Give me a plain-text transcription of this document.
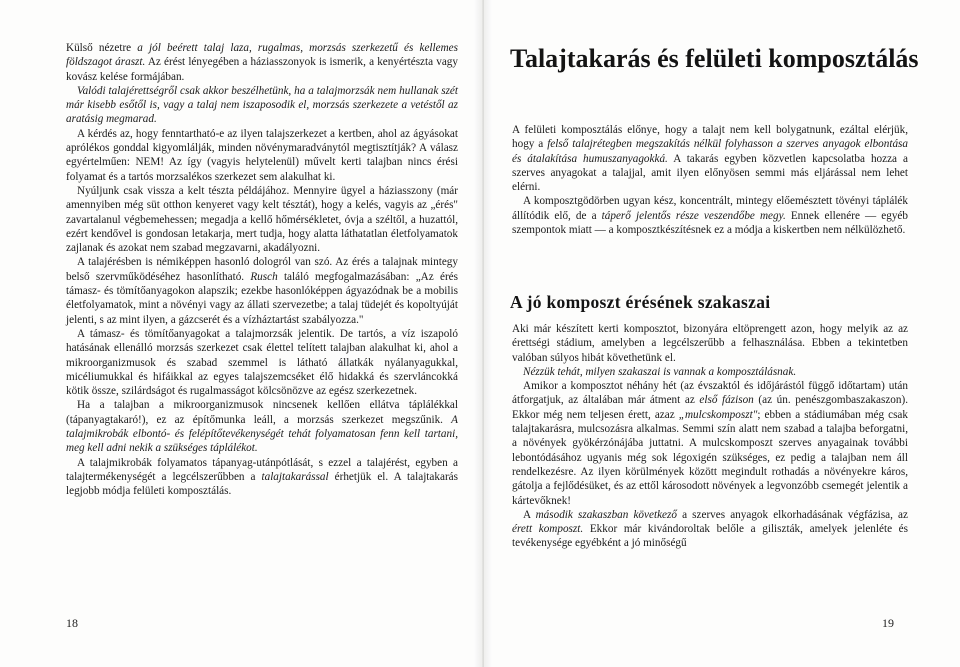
Külső nézetre a jól beérett talaj laza, rugalmas, morzsás szerkezetű és kellemes földszagot áraszt. Az érést lényegében a háziasszonyok is ismerik, a kenyértészta vagy kovász kelése formájában.

Valódi talajérettségről csak akkor beszélhetünk, ha a talajmorzsák nem hullanak szét már kisebb esőtől is, vagy a talaj nem iszaposodik el, morzsás szerkezete a vetéstől az aratásig megmarad.

A kérdés az, hogy fenntartható-e az ilyen talajszerkezet a kertben, ahol az ágyásokat aprólékos gonddal kigyomlálják, minden növénymaradványtól megtisztítják? A válasz egyértelműen: NEM! Az így (vagyis helytelenül) művelt kerti talajban nincs érési folyamat és a tartós morzsalékos szerkezet sem alakulhat ki.

Nyúljunk csak vissza a kelt tészta példájához. Mennyire ügyel a háziasszony (már amennyiben még süt otthon kenyeret vagy kelt tésztát), hogy a kelés, vagyis az „érés" zavartalanul végbemehessen; megadja a kellő hőmérsékletet, óvja a széltől, a huzattól, ezért kendővel is gondosan letakarja, mert tudja, hogy alatta láthatatlan életfolyamatok zajlanak és azokat nem szabad megzavarni, akadályozni.

A talajérésben is némiképpen hasonló dologról van szó. Az érés a talajnak mintegy belső szervműködéséhez hasonlítható. Rusch találó megfogalmazásában: „Az érés támasz- és tömítőanyagokon alapszik; ezekbe hasonlóképpen ágyazódnak be a mobilis életfolyamatok, mint a növényi vagy az állati szervezetbe; a talaj tüdejét és kopoltyúját jelenti, s az mint ilyen, a gázcserét és a vízháztartást szabályozza."

A támasz- és tömítőanyagokat a talajmorzsák jelentik. De tartós, a víz iszapoló hatásának ellenálló morzsás szerkezet csak élettel telített talajban alakulhat ki, ahol a mikroorganizmusok és szabad szemmel is látható állatkák nyálanyagukkal, micéliumukkal és hifáikkal az egyes talajszemcséket élő hidakká és szervláncokká kötik össze, szilárdságot és rugalmasságot kölcsönözve az egész szerkezetnek.

Ha a talajban a mikroorganizmusok nincsenek kellően ellátva táplálékkal (tápanyagtakaró!), ez az építőmunka leáll, a morzsás szerkezet megszűnik. A talajmikrobák elbontó- és felépítőtevékenységét tehát folyamatosan fenn kell tartani, meg kell adni nekik a szükséges táplálékot.

A talajmikrobák folyamatos tápanyag-utánpótlását, s ezzel a talajérést, egyben a talajtermékenységét a legcélszerűbben a talajtakarással érhetjük el. A talajtakarás legjobb módja felületi komposztálás.

18
Talajtakarás és felületi komposztálás

A felületi komposztálás előnye, hogy a talajt nem kell bolygatnunk, ezáltal elérjük, hogy a felső talajrétegben megszakítás nélkül folyhasson a szerves anyagok elbontása és átalakítása humuszanyagokká. A takarás egyben közvetlen kapcsolatba hozza a szerves anyagokat a talajjal, amit ilyen előnyösen semmi más eljárással nem lehet elérni.

A komposztgödörben ugyan kész, koncentrált, mintegy előemésztett tövényi táplálék állítódik elő, de a táperő jelentős része veszendőbe megy. Ennek ellenére — egyéb szempontok miatt — a komposztkészítésnek ez a módja a kiskertben nem nélkülözhető.

A jó komposzt érésének szakaszai

Aki már készített kerti komposztot, bizonyára eltöprengett azon, hogy melyik az az érettségi stádium, amelyben a legcélszerűbb a felhasználása. Ebben a tekintetben valóban súlyos hibát követhetünk el.

Nézzük tehát, milyen szakaszai is vannak a komposztálásnak.

Amikor a komposztot néhány hét (az évszaktól és időjárástól függő időtartam) után átforgatjuk, az általában már átment az első fázison (az ún. penészgombaszakaszon). Ekkor még nem teljesen érett, azaz „mulcskomposzt"; ebben a stádiumában még csak talajtakarásra, mulcsozásra alkalmas. Semmi szín alatt nem szabad a talajba beforgatni, a növények gyökérzónájába juttatni. A mulcskomposzt szerves anyagainak további lebontódásához ugyanis még sok légoxigén szükséges, ez pedig a talajban nem áll rendelkezésre. Az ilyen körülmények között megindult rothadás a növényekre káros, gátolja a fejlődésüket, és az ettől károsodott növények a legvonzóbb csemegét jelentik a kártevőknek!

A második szakaszban következő a szerves anyagok elkorhadásának végfázisa, az érett komposzt. Ekkor már kivándoroltak belőle a giliszták, amelyek jelenléte és tevékenysége egyébként a jó minőségű

19
